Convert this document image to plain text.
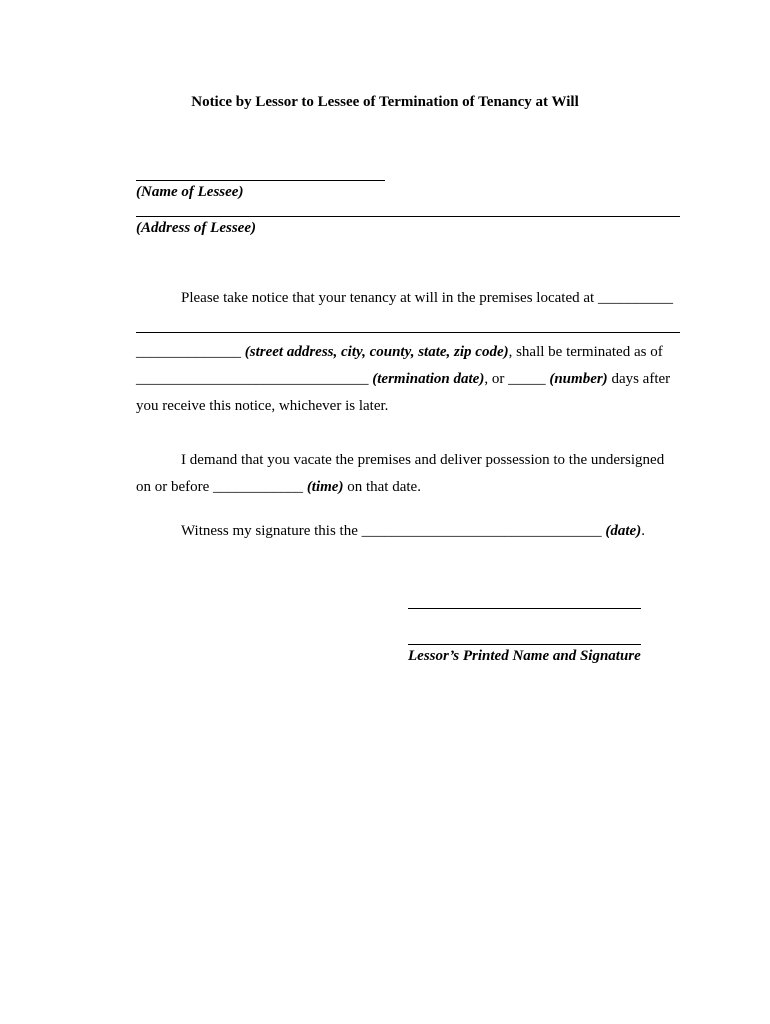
Notice by Lessor to Lessee of Termination of Tenancy at Will
(Name of Lessee)
(Address of Lessee)
Please take notice that your tenancy at will in the premises located at __________
______________ (street address, city, county, state, zip code), shall be terminated as of
_______________________________ (termination date), or _____ (number) days after
you receive this notice, whichever is later.
I demand that you vacate the premises and deliver possession to the undersigned
on or before ____________ (time) on that date.
Witness my signature this the ________________________________ (date).
Lessor’s Printed Name and Signature
